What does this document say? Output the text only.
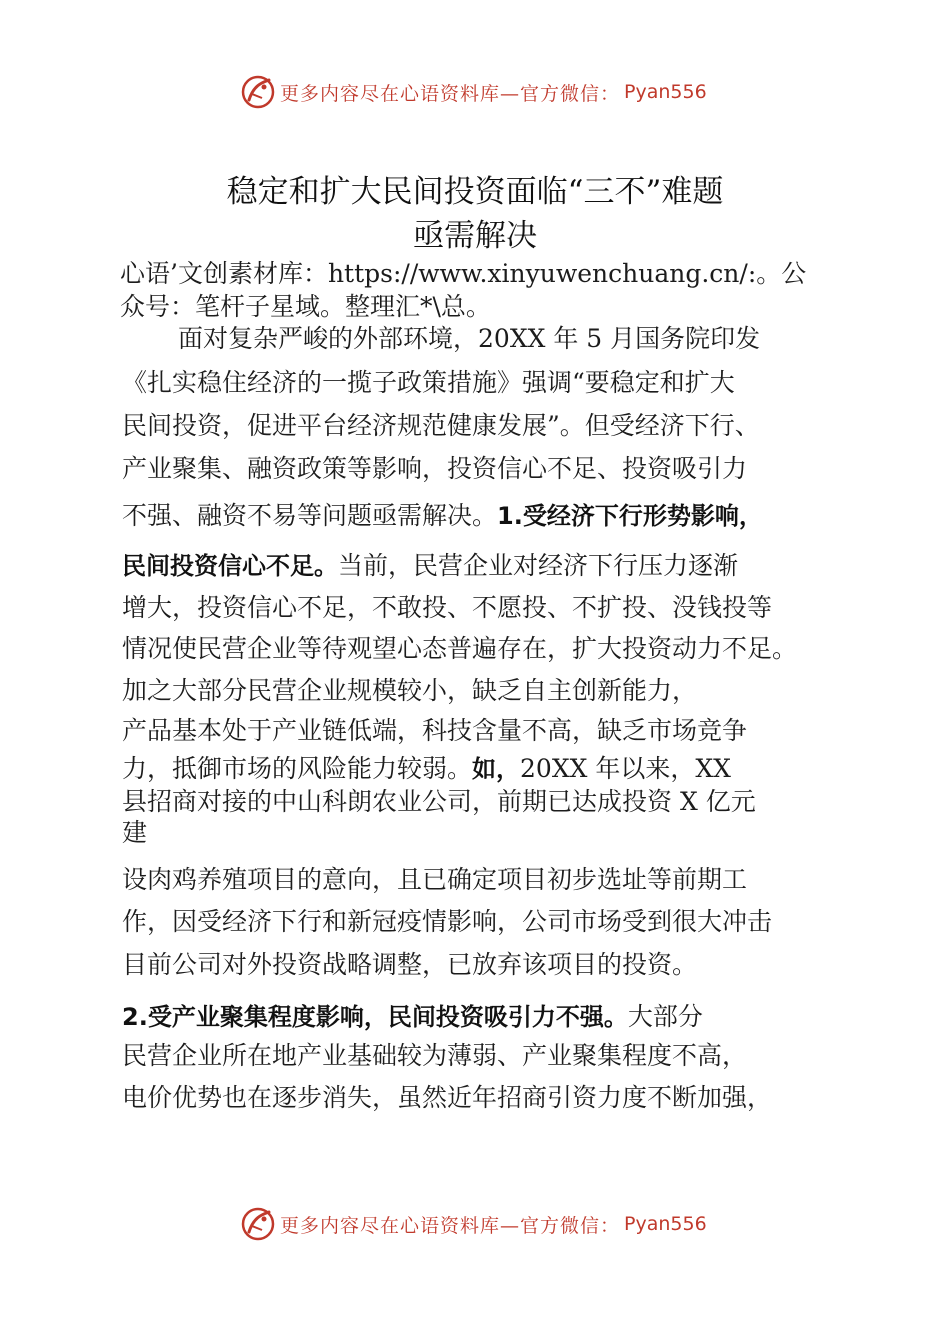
更多内容尽在心语资料库—官方微信： Pyan556
稳定和扩大民间投资面临“三不”难题
亟需解决
心语’文创素材库：https://www.xinyuwenchuang.cn/:。公
众号：笔杆子星域。整理汇*\总。
面对复杂严峻的外部环境，20XX 年 5 月国务院印发
《扎实稳住经济的一揽子政策措施》强调“要稳定和扩大
民间投资，促进平台经济规范健康发展”。但受经济下行、
产业聚集、融资政策等影响，投资信心不足、投资吸引力
不强、融资不易等问题亟需解决。1.受经济下行形势影响，
民间投资信心不足。当前，民营企业对经济下行压力逐渐
增大，投资信心不足，不敢投、不愿投、不扩投、没钱投等
情况使民营企业等待观望心态普遍存在，扩大投资动力不足。
加之大部分民营企业规模较小，缺乏自主创新能力，
产品基本处于产业链低端，科技含量不高，缺乏市场竞争
力，抵御市场的风险能力较弱。如，20XX 年以来，XX
县招商对接的中山科朗农业公司，前期已达成投资 X 亿元
建
设肉鸡养殖项目的意向，且已确定项目初步选址等前期工
作，因受经济下行和新冠疫情影响，公司市场受到很大冲击
目前公司对外投资战略调整，已放弃该项目的投资。
2.受产业聚集程度影响，民间投资吸引力不强。大部分
民营企业所在地产业基础较为薄弱、产业聚集程度不高，
电价优势也在逐步消失，虽然近年招商引资力度不断加强，
更多内容尽在心语资料库—官方微信： Pyan556
